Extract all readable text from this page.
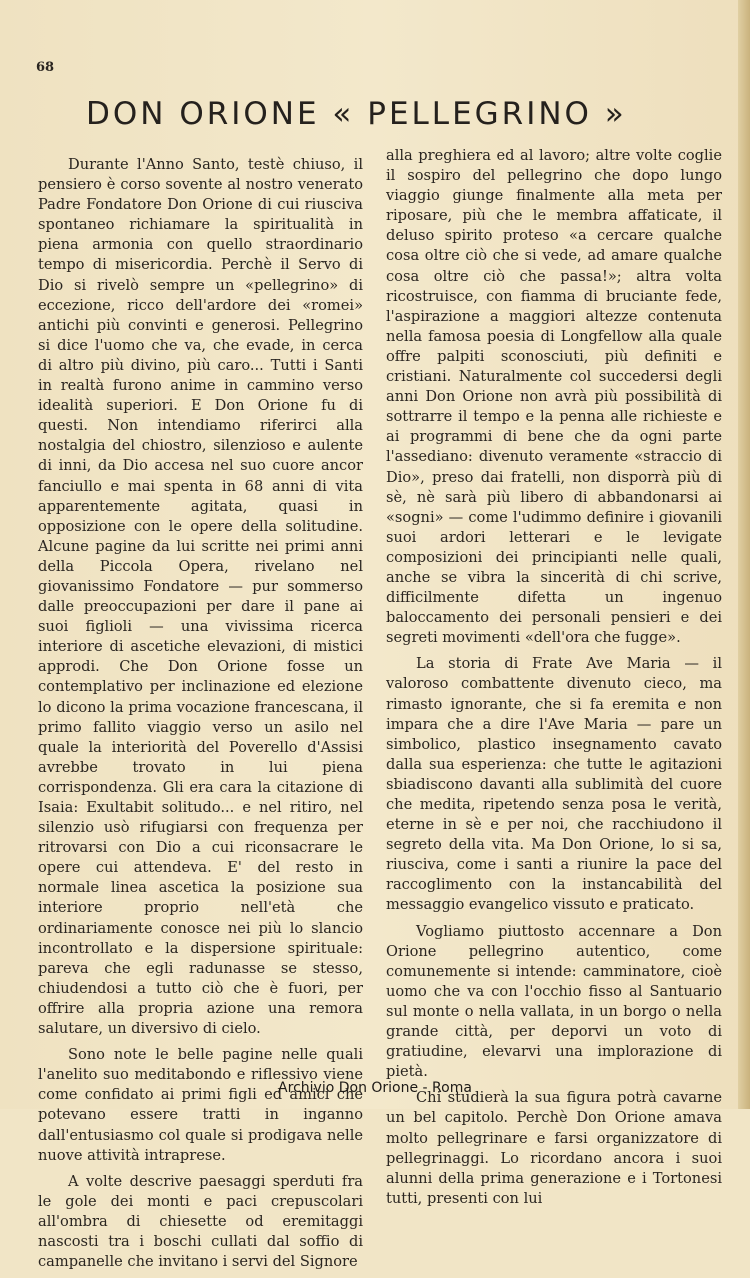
68
DON ORIONE « PELLEGRINO »

Durante l'Anno Santo, testè chiuso, il pensiero è corso sovente al nostro venerato Padre Fondatore Don Orione di cui riusciva spontaneo richiamare la spiritualità in piena armonia con quello straordinario tempo di misericordia. Perchè il Servo di Dio si rivelò sempre un «pellegrino» di eccezione, ricco dell'ardore dei «romei» antichi più convinti e generosi. Pellegrino si dice l'uomo che va, che evade, in cerca di altro più divino, più caro... Tutti i Santi in realtà furono anime in cammino verso idealità superiori. E Don Orione fu di questi. Non intendiamo riferirci alla nostalgia del chiostro, silenzioso e aulente di inni, da Dio accesa nel suo cuore ancor fanciullo e mai spenta in 68 anni di vita apparentemente agitata, quasi in opposizione con le opere della solitudine. Alcune pagine da lui scritte nei primi anni della Piccola Opera, rivelano nel giovanissimo Fondatore — pur sommerso dalle preoccupazioni per dare il pane ai suoi figlioli — una vivissima ricerca interiore di ascetiche elevazioni, di mistici approdi. Che Don Orione fosse un contemplativo per inclinazione ed elezione lo dicono la prima vocazione francescana, il primo fallito viaggio verso un asilo nel quale la interiorità del Poverello d'Assisi avrebbe trovato in lui piena corrispondenza. Gli era cara la citazione di Isaia: Exultabit solitudo... e nel ritiro, nel silenzio usò rifugiarsi con frequenza per ritrovarsi con Dio a cui riconsacrare le opere cui attendeva. E' del resto in normale linea ascetica la posizione sua interiore proprio nell'età che ordinariamente conosce nei più lo slancio incontrollato e la dispersione spirituale: pareva che egli radunasse se stesso, chiudendosi a tutto ciò che è fuori, per offrire alla propria azione una remora salutare, un diversivo di cielo.

Sono note le belle pagine nelle quali l'anelito suo meditabondo e riflessivo viene come confidato ai primi figli ed amici che potevano essere tratti in inganno dall'entusiasmo col quale si prodigava nelle nuove attività intraprese.

A volte descrive paesaggi sperduti fra le gole dei monti e paci crepuscolari all'ombra di chiesette od eremitaggi nascosti tra i boschi cullati dal soffio di campanelle che invitano i servi del Signore

alla preghiera ed al lavoro; altre volte coglie il sospiro del pellegrino che dopo lungo viaggio giunge finalmente alla meta per riposare, più che le membra affaticate, il deluso spirito proteso «a cercare qualche cosa oltre ciò che si vede, ad amare qualche cosa oltre ciò che passa!»; altra volta ricostruisce, con fiamma di bruciante fede, l'aspirazione a maggiori altezze contenuta nella famosa poesia di Longfellow alla quale offre palpiti sconosciuti, più definiti e cristiani. Naturalmente col succedersi degli anni Don Orione non avrà più possibilità di sottrarre il tempo e la penna alle richieste e ai programmi di bene che da ogni parte l'assediano: divenuto veramente «straccio di Dio», preso dai fratelli, non disporrà più di sè, nè sarà più libero di abbandonarsi ai «sogni» — come l'udimmo definire i giovanili suoi ardori letterari e le levigate composizioni dei principianti nelle quali, anche se vibra la sincerità di chi scrive, difficilmente difetta un ingenuo baloccamento dei personali pensieri e dei segreti movimenti «dell'ora che fugge».

La storia di Frate Ave Maria — il valoroso combattente divenuto cieco, ma rimasto ignorante, che si fa eremita e non impara che a dire l'Ave Maria — pare un simbolico, plastico insegnamento cavato dalla sua esperienza: che tutte le agitazioni sbiadiscono davanti alla sublimità del cuore che medita, ripetendo senza posa le verità, eterne in sè e per noi, che racchiudono il segreto della vita. Ma Don Orione, lo si sa, riusciva, come i santi a riunire la pace del raccoglimento con la instancabilità del messaggio evangelico vissuto e praticato.

Vogliamo piuttosto accennare a Don Orione pellegrino autentico, come comunemente si intende: camminatore, cioè uomo che va con l'occhio fisso al Santuario sul monte o nella vallata, in un borgo o nella grande città, per deporvi un voto di gratiudine, elevarvi una implorazione di pietà.

Chi studierà la sua figura potrà cavarne un bel capitolo. Perchè Don Orione amava molto pellegrinare e farsi organizzatore di pellegrinaggi. Lo ricordano ancora i suoi alunni della prima generazione e i Tortonesi tutti, presenti con lui

Archivio Don Orione - Roma
